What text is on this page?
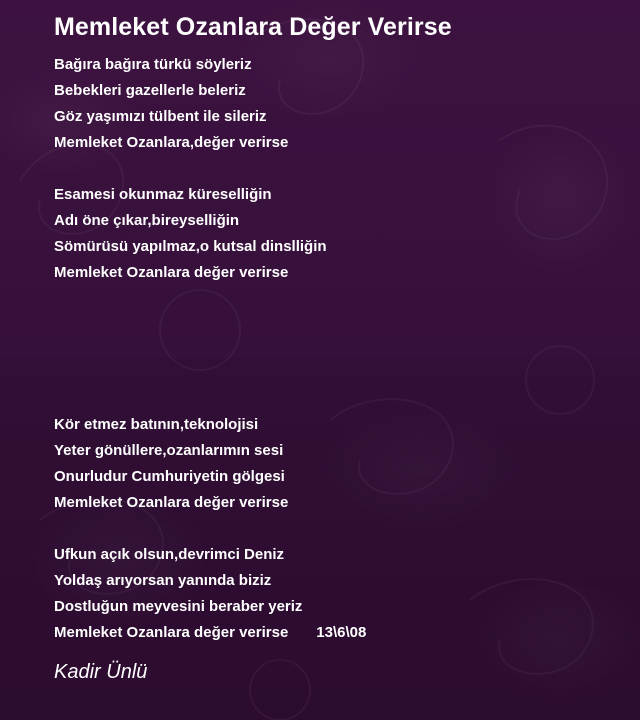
Memleket Ozanlara Değer Verirse
Bağıra bağıra türkü söyleriz
Bebekleri gazellerle beleriz
Göz yaşımızı tülbent ile sileriz
Memleket Ozanlara,değer verirse
Esamesi okunmaz küreselliğin
Adı öne çıkar,bireyselliğin
Sömürüsü yapılmaz,o kutsal dinslliğin
Memleket Ozanlara değer verirse
Kör etmez batının,teknolojisi
Yeter gönüllere,ozanlarımın sesi
Onurludur Cumhuriyetin gölgesi
Memleket Ozanlara değer verirse
Ufkun açık olsun,devrimci Deniz
Yoldaş arıyorsan yanında biziz
Dostluğun meyvesini beraber yeriz
Memleket Ozanlara değer verirse 13\6\08
Kadir Ünlü
